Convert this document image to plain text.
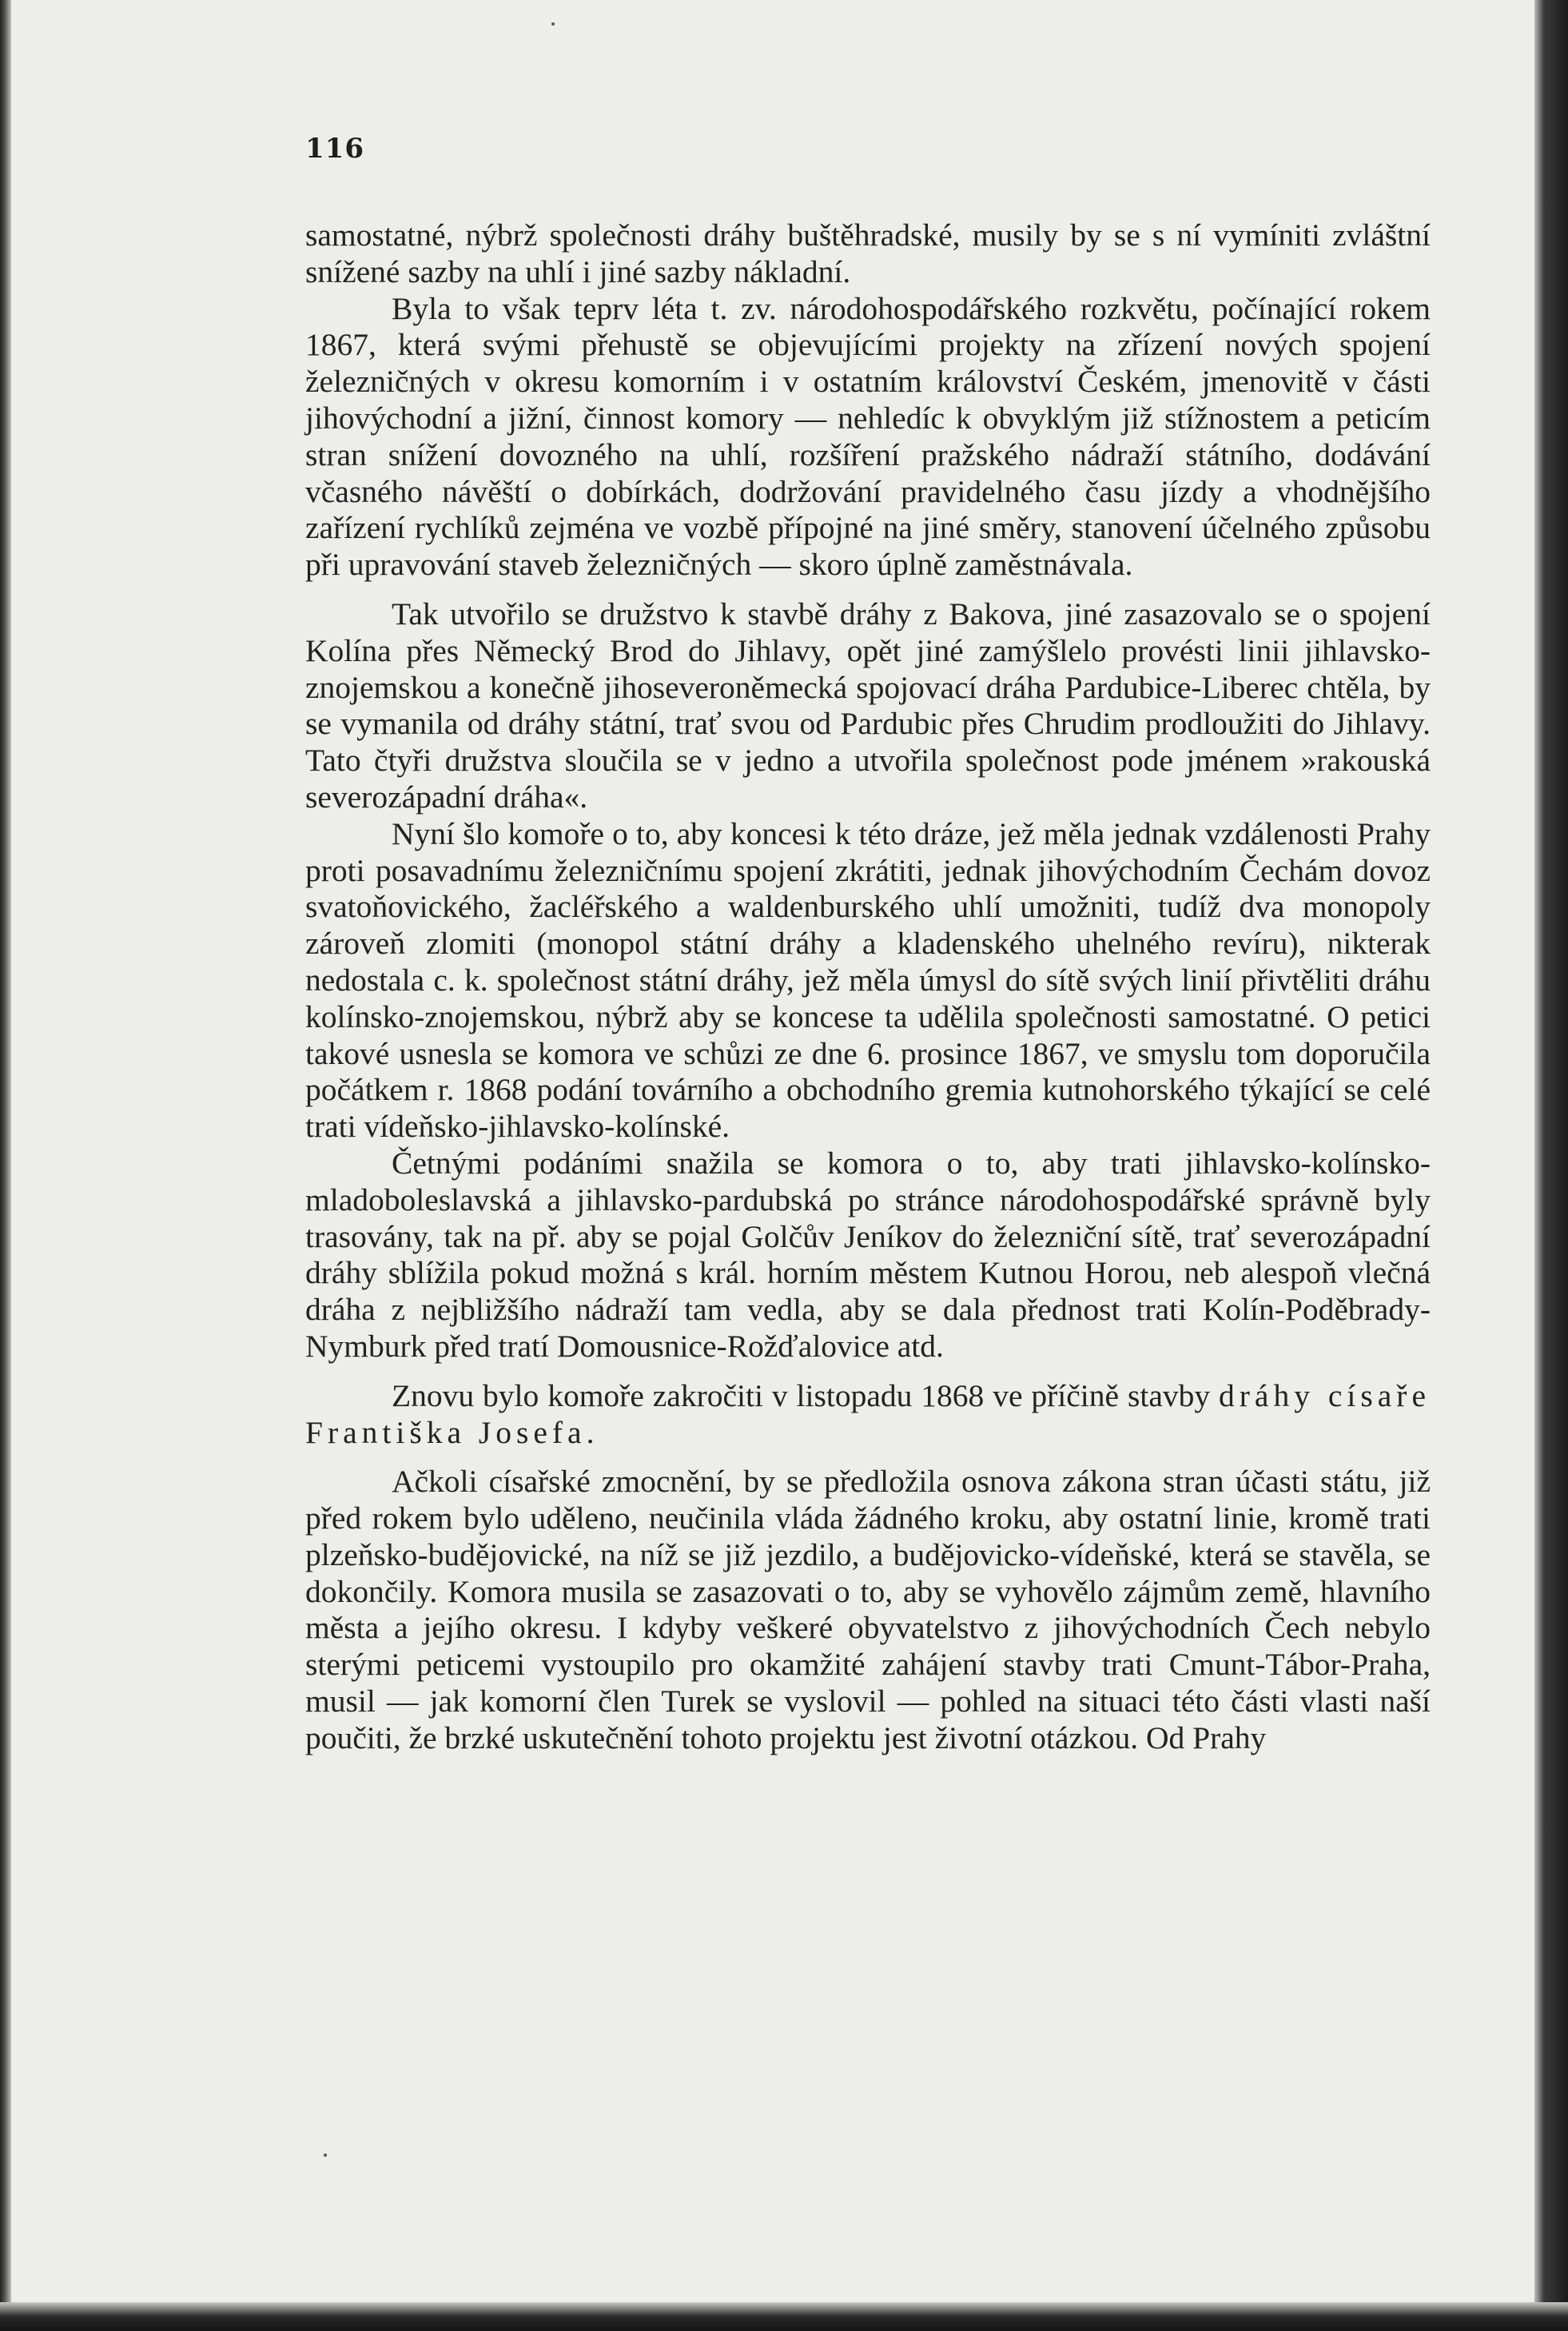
116

samostatné, nýbrž společnosti dráhy buštěhradské, musily by se s ní vymíniti zvláštní snížené sazby na uhlí i jiné sazby nákladní.

Byla to však teprv léta t. zv. národohospodářského rozkvětu, počínající rokem 1867, která svými přehustě se objevujícími projekty na zřízení nových spojení železničných v okresu komorním i v ostatním království Českém, jmenovitě v části jihovýchodní a jižní, činnost komory — nehledíc k obvyklým již stížnostem a peticím stran snížení dovozného na uhlí, rozšíření pražského nádraží státního, dodávání včasného návěští o dobírkách, dodržování pravidelného času jízdy a vhodnějšího zařízení rychlíků zejména ve vozbě přípojné na jiné směry, stanovení účelného způsobu při upravování staveb železničných — skoro úplně zaměstnávala.

Tak utvořilo se družstvo k stavbě dráhy z Bakova, jiné zasazovalo se o spojení Kolína přes Německý Brod do Jihlavy, opět jiné zamýšlelo provésti linii jihlavsko-znojemskou a konečně jihoseveroněmecká spojovací dráha Pardubice-Liberec chtěla, by se vymanila od dráhy státní, trať svou od Pardubic přes Chrudim prodloužiti do Jihlavy. Tato čtyři družstva sloučila se v jedno a utvořila společnost pode jménem »rakouská severozápadní dráha«.

Nyní šlo komoře o to, aby koncesi k této dráze, jež měla jednak vzdálenosti Prahy proti posavadnímu železničnímu spojení zkrátiti, jednak jihovýchodním Čechám dovoz svatoňovického, žacléřského a waldenburského uhlí umožniti, tudíž dva monopoly zároveň zlomiti (monopol státní dráhy a kladenského uhelného revíru), nikterak nedostala c. k. společnost státní dráhy, jež měla úmysl do sítě svých linií přivtěliti dráhu kolínsko-znojemskou, nýbrž aby se koncese ta udělila společnosti samostatné. O petici takové usnesla se komora ve schůzi ze dne 6. prosince 1867, ve smyslu tom doporučila počátkem r. 1868 podání továrního a obchodního gremia kutnohorského týkající se celé trati vídeňsko-jihlavsko-kolínské.

Četnými podáními snažila se komora o to, aby trati jihlavsko-kolínsko-mladoboleslavská a jihlavsko-pardubská po stránce národohospodářské správně byly trasovány, tak na př. aby se pojal Golčův Jeníkov do železniční sítě, trať severozápadní dráhy sblížila pokud možná s král. horním městem Kutnou Horou, neb alespoň vlečná dráha z nejbližšího nádraží tam vedla, aby se dala přednost trati Kolín-Poděbrady-Nymburk před tratí Domousnice-Rožďalovice atd.

Znovu bylo komoře zakročiti v listopadu 1868 ve příčině stavby dráhy císaře Františka Josefa.

Ačkoli císařské zmocnění, by se předložila osnova zákona stran účasti státu, již před rokem bylo uděleno, neučinila vláda žádného kroku, aby ostatní linie, kromě trati plzeňsko-budějovické, na níž se již jezdilo, a budějovicko-vídeňské, která se stavěla, se dokončily. Komora musila se zasazovati o to, aby se vyhovělo zájmům země, hlavního města a jejího okresu. I kdyby veškeré obyvatelstvo z jihovýchodních Čech nebylo sterými peticemi vystoupilo pro okamžité zahájení stavby trati Cmunt-Tábor-Praha, musil — jak komorní člen Turek se vyslovil — pohled na situaci této části vlasti naší poučiti, že brzké uskutečnění tohoto projektu jest životní otázkou. Od Prahy
